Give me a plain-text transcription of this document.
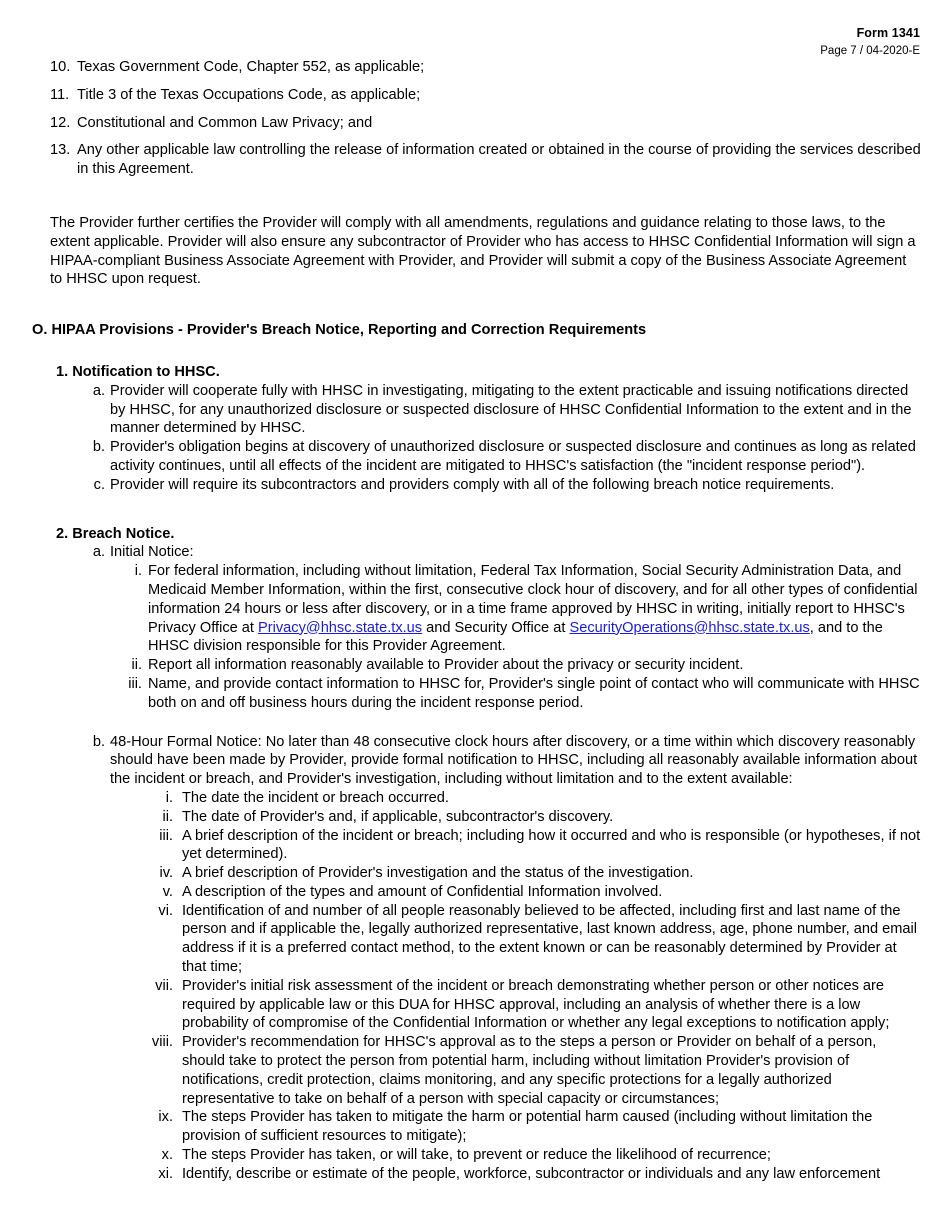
Form 1341
Page 7 / 04-2020-E
10. Texas Government Code, Chapter 552, as applicable;
11. Title 3 of the Texas Occupations Code, as applicable;
12. Constitutional and Common Law Privacy; and
13. Any other applicable law controlling the release of information created or obtained in the course of providing the services described in this Agreement.

The Provider further certifies the Provider will comply with all amendments, regulations and guidance relating to those laws, to the extent applicable. Provider will also ensure any subcontractor of Provider who has access to HHSC Confidential Information will sign a HIPAA-compliant Business Associate Agreement with Provider, and Provider will submit a copy of the Business Associate Agreement to HHSC upon request.

O. HIPAA Provisions - Provider's Breach Notice, Reporting and Correction Requirements
1. Notification to HHSC.
a. Provider will cooperate fully with HHSC in investigating, mitigating to the extent practicable and issuing notifications directed by HHSC, for any unauthorized disclosure or suspected disclosure of HHSC Confidential Information to the extent and in the manner determined by HHSC.
b. Provider's obligation begins at discovery of unauthorized disclosure or suspected disclosure and continues as long as related activity continues, until all effects of the incident are mitigated to HHSC's satisfaction (the "incident response period").
c. Provider will require its subcontractors and providers comply with all of the following breach notice requirements.
2. Breach Notice.
a. Initial Notice:
i. For federal information, including without limitation, Federal Tax Information, Social Security Administration Data, and Medicaid Member Information, within the first, consecutive clock hour of discovery, and for all other types of confidential information 24 hours or less after discovery, or in a time frame approved by HHSC in writing, initially report to HHSC's Privacy Office at Privacy@hhsc.state.tx.us and Security Office at SecurityOperations@hhsc.state.tx.us, and to the HHSC division responsible for this Provider Agreement.
ii. Report all information reasonably available to Provider about the privacy or security incident.
iii. Name, and provide contact information to HHSC for, Provider's single point of contact who will communicate with HHSC both on and off business hours during the incident response period.
b. 48-Hour Formal Notice: No later than 48 consecutive clock hours after discovery, or a time within which discovery reasonably should have been made by Provider, provide formal notification to HHSC, including all reasonably available information about the incident or breach, and Provider's investigation, including without limitation and to the extent available:
i. The date the incident or breach occurred.
ii. The date of Provider's and, if applicable, subcontractor's discovery.
iii. A brief description of the incident or breach; including how it occurred and who is responsible (or hypotheses, if not yet determined).
iv. A brief description of Provider's investigation and the status of the investigation.
v. A description of the types and amount of Confidential Information involved.
vi. Identification of and number of all people reasonably believed to be affected, including first and last name of the person and if applicable the, legally authorized representative, last known address, age, phone number, and email address if it is a preferred contact method, to the extent known or can be reasonably determined by Provider at that time;
vii. Provider's initial risk assessment of the incident or breach demonstrating whether person or other notices are required by applicable law or this DUA for HHSC approval, including an analysis of whether there is a low probability of compromise of the Confidential Information or whether any legal exceptions to notification apply;
viii. Provider's recommendation for HHSC's approval as to the steps a person or Provider on behalf of a person, should take to protect the person from potential harm, including without limitation Provider's provision of notifications, credit protection, claims monitoring, and any specific protections for a legally authorized representative to take on behalf of a person with special capacity or circumstances;
ix. The steps Provider has taken to mitigate the harm or potential harm caused (including without limitation the provision of sufficient resources to mitigate);
x. The steps Provider has taken, or will take, to prevent or reduce the likelihood of recurrence;
xi. Identify, describe or estimate of the people, workforce, subcontractor or individuals and any law enforcement
